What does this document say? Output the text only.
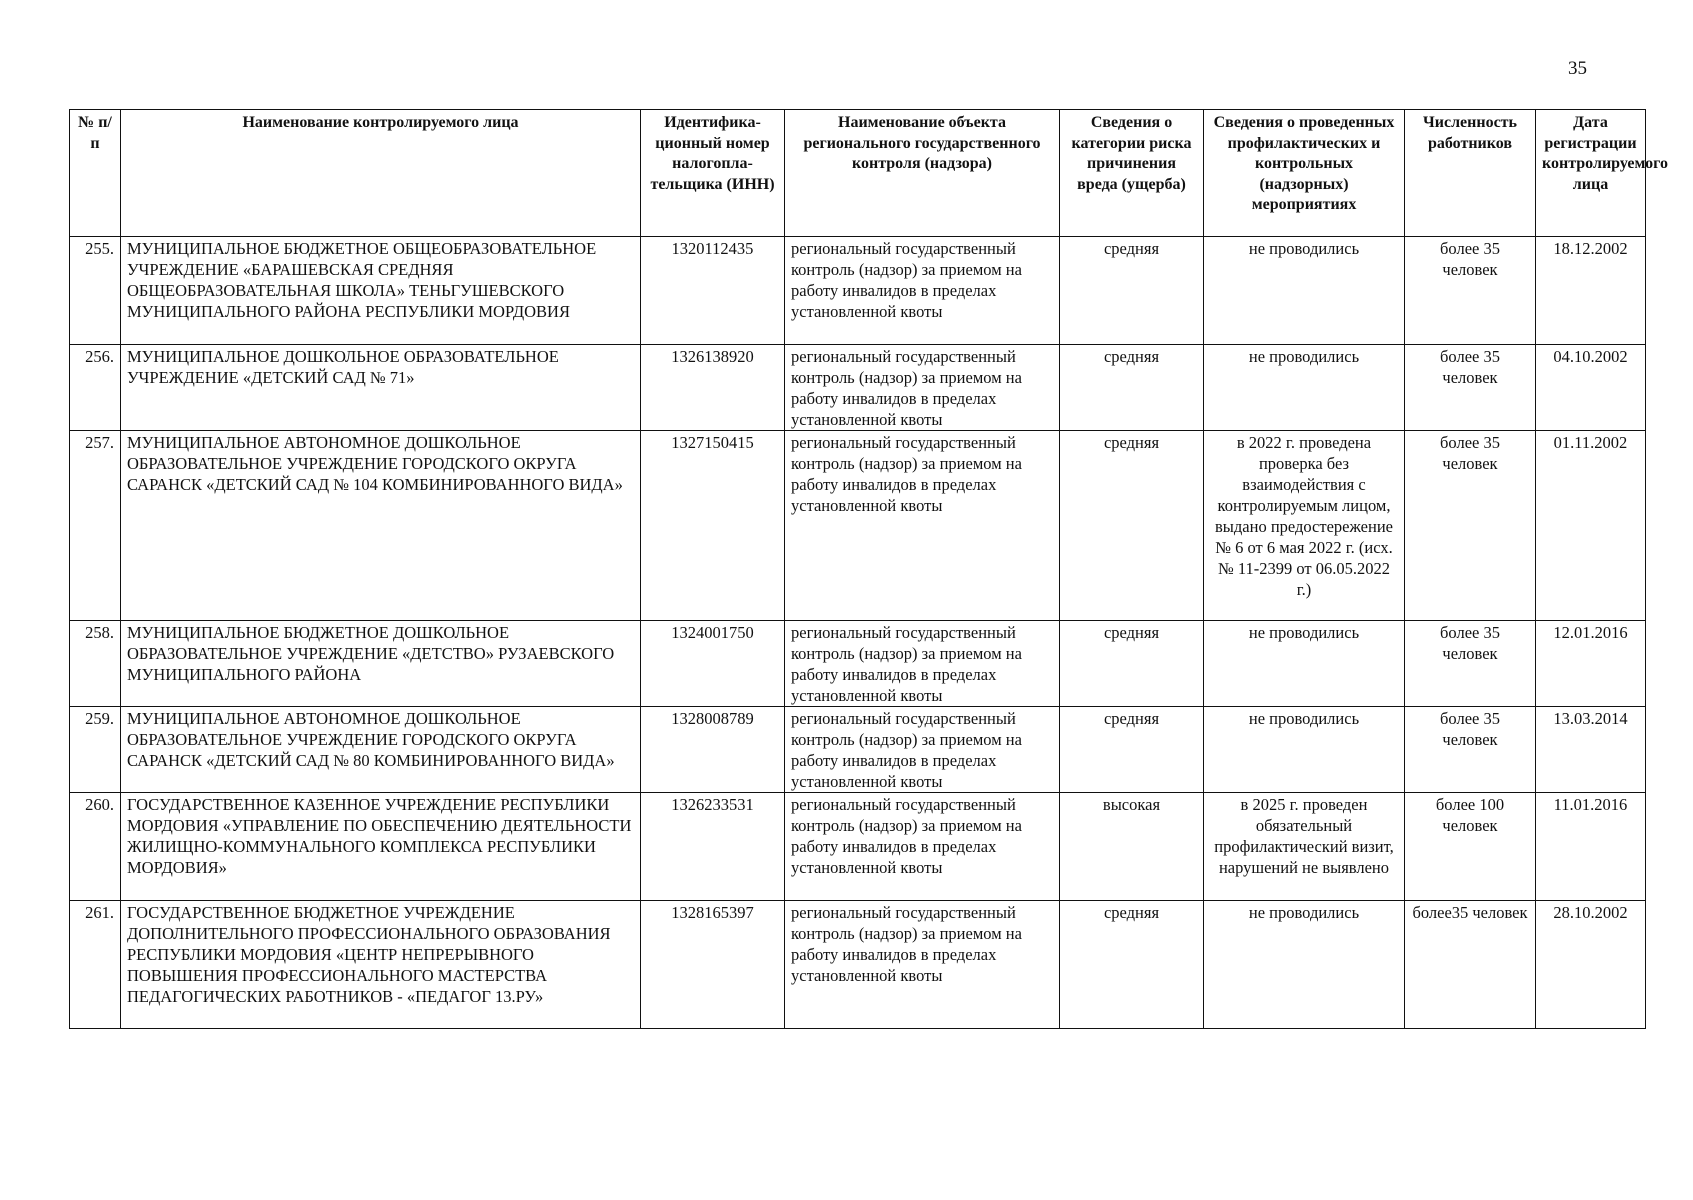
35
№ п/п	Наименование контролируемого лица	Идентифика-ционный номер налогопла-тельщика (ИНН)	Наименование объекта регионального государственного контроля (надзора)	Сведения о категории риска причинения вреда (ущерба)	Сведения о проведенных профилактических и контрольных (надзорных) мероприятиях	Численность работников	Дата регистрации контролируемого лица
255.	МУНИЦИПАЛЬНОЕ БЮДЖЕТНОЕ ОБЩЕОБРАЗОВАТЕЛЬНОЕ УЧРЕЖДЕНИЕ «БАРАШЕВСКАЯ СРЕДНЯЯ ОБЩЕОБРАЗОВАТЕЛЬНАЯ ШКОЛА» ТЕНЬГУШЕВСКОГО МУНИЦИПАЛЬНОГО РАЙОНА РЕСПУБЛИКИ МОРДОВИЯ	1320112435	региональный государственный контроль (надзор) за приемом на работу инвалидов в пределах установленной квоты	средняя	не проводились	более 35 человек	18.12.2002
256.	МУНИЦИПАЛЬНОЕ ДОШКОЛЬНОЕ ОБРАЗОВАТЕЛЬНОЕ УЧРЕЖДЕНИЕ «ДЕТСКИЙ САД № 71»	1326138920	региональный государственный контроль (надзор) за приемом на работу инвалидов в пределах установленной квоты	средняя	не проводились	более 35 человек	04.10.2002
257.	МУНИЦИПАЛЬНОЕ АВТОНОМНОЕ ДОШКОЛЬНОЕ ОБРАЗОВАТЕЛЬНОЕ УЧРЕЖДЕНИЕ ГОРОДСКОГО ОКРУГА САРАНСК «ДЕТСКИЙ САД № 104 КОМБИНИРОВАННОГО ВИДА»	1327150415	региональный государственный контроль (надзор) за приемом на работу инвалидов в пределах установленной квоты	средняя	в 2022 г. проведена проверка без взаимодействия с контролируемым лицом, выдано предостережение № 6 от 6 мая 2022 г. (исх. № 11-2399 от 06.05.2022 г.)	более 35 человек	01.11.2002
258.	МУНИЦИПАЛЬНОЕ БЮДЖЕТНОЕ ДОШКОЛЬНОЕ ОБРАЗОВАТЕЛЬНОЕ УЧРЕЖДЕНИЕ «ДЕТСТВО» РУЗАЕВСКОГО МУНИЦИПАЛЬНОГО РАЙОНА	1324001750	региональный государственный контроль (надзор) за приемом на работу инвалидов в пределах установленной квоты	средняя	не проводились	более 35 человек	12.01.2016
259.	МУНИЦИПАЛЬНОЕ АВТОНОМНОЕ ДОШКОЛЬНОЕ ОБРАЗОВАТЕЛЬНОЕ УЧРЕЖДЕНИЕ ГОРОДСКОГО ОКРУГА САРАНСК «ДЕТСКИЙ САД № 80 КОМБИНИРОВАННОГО ВИДА»	1328008789	региональный государственный контроль (надзор) за приемом на работу инвалидов в пределах установленной квоты	средняя	не проводились	более 35 человек	13.03.2014
260.	ГОСУДАРСТВЕННОЕ КАЗЕННОЕ УЧРЕЖДЕНИЕ РЕСПУБЛИКИ МОРДОВИЯ «УПРАВЛЕНИЕ ПО ОБЕСПЕЧЕНИЮ ДЕЯТЕЛЬНОСТИ ЖИЛИЩНО-КОММУНАЛЬНОГО КОМПЛЕКСА РЕСПУБЛИКИ МОРДОВИЯ»	1326233531	региональный государственный контроль (надзор) за приемом на работу инвалидов в пределах установленной квоты	высокая	в 2025 г. проведен обязательный профилактический визит, нарушений не выявлено	более 100 человек	11.01.2016
261.	ГОСУДАРСТВЕННОЕ БЮДЖЕТНОЕ УЧРЕЖДЕНИЕ ДОПОЛНИТЕЛЬНОГО ПРОФЕССИОНАЛЬНОГО ОБРАЗОВАНИЯ РЕСПУБЛИКИ МОРДОВИЯ «ЦЕНТР НЕПРЕРЫВНОГО ПОВЫШЕНИЯ ПРОФЕССИОНАЛЬНОГО МАСТЕРСТВА ПЕДАГОГИЧЕСКИХ РАБОТНИКОВ - «ПЕДАГОГ 13.РУ»	1328165397	региональный государственный контроль (надзор) за приемом на работу инвалидов в пределах установленной квоты	средняя	не проводились	более35 человек	28.10.2002
